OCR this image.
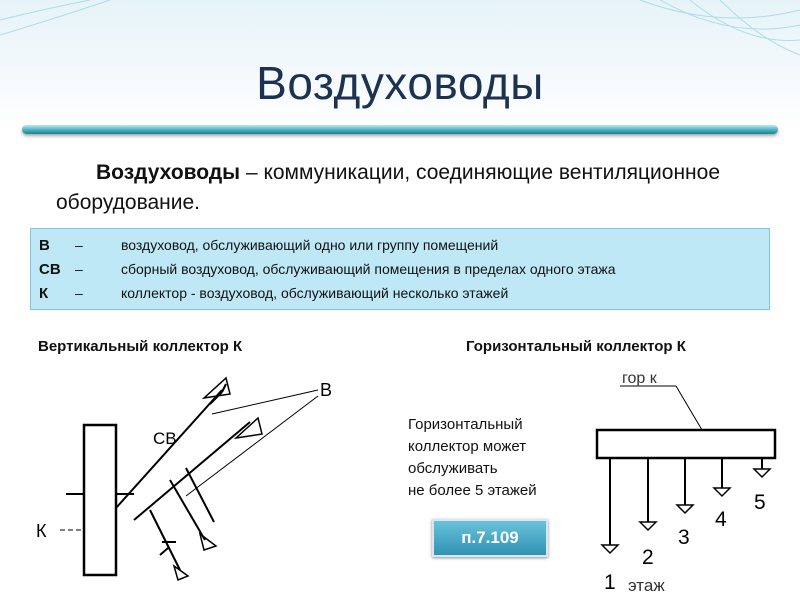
Воздуховоды
Воздуховоды – коммуникации, соединяющие вентиляционное оборудование.
В	–	воздуховод, обслуживающий одно или группу помещений
СВ	–	сборный воздуховод, обслуживающий помещения в пределах одного этажа
К	–	коллектор - воздуховод, обслуживающий несколько этажей
Вертикальный коллектор К	Горизонтальный коллектор К
К
СВ
В
гор к
1
2
3
4
5
этаж
Горизонтальный
коллектор может
обслуживать
не более 5 этажей
п.7.109
